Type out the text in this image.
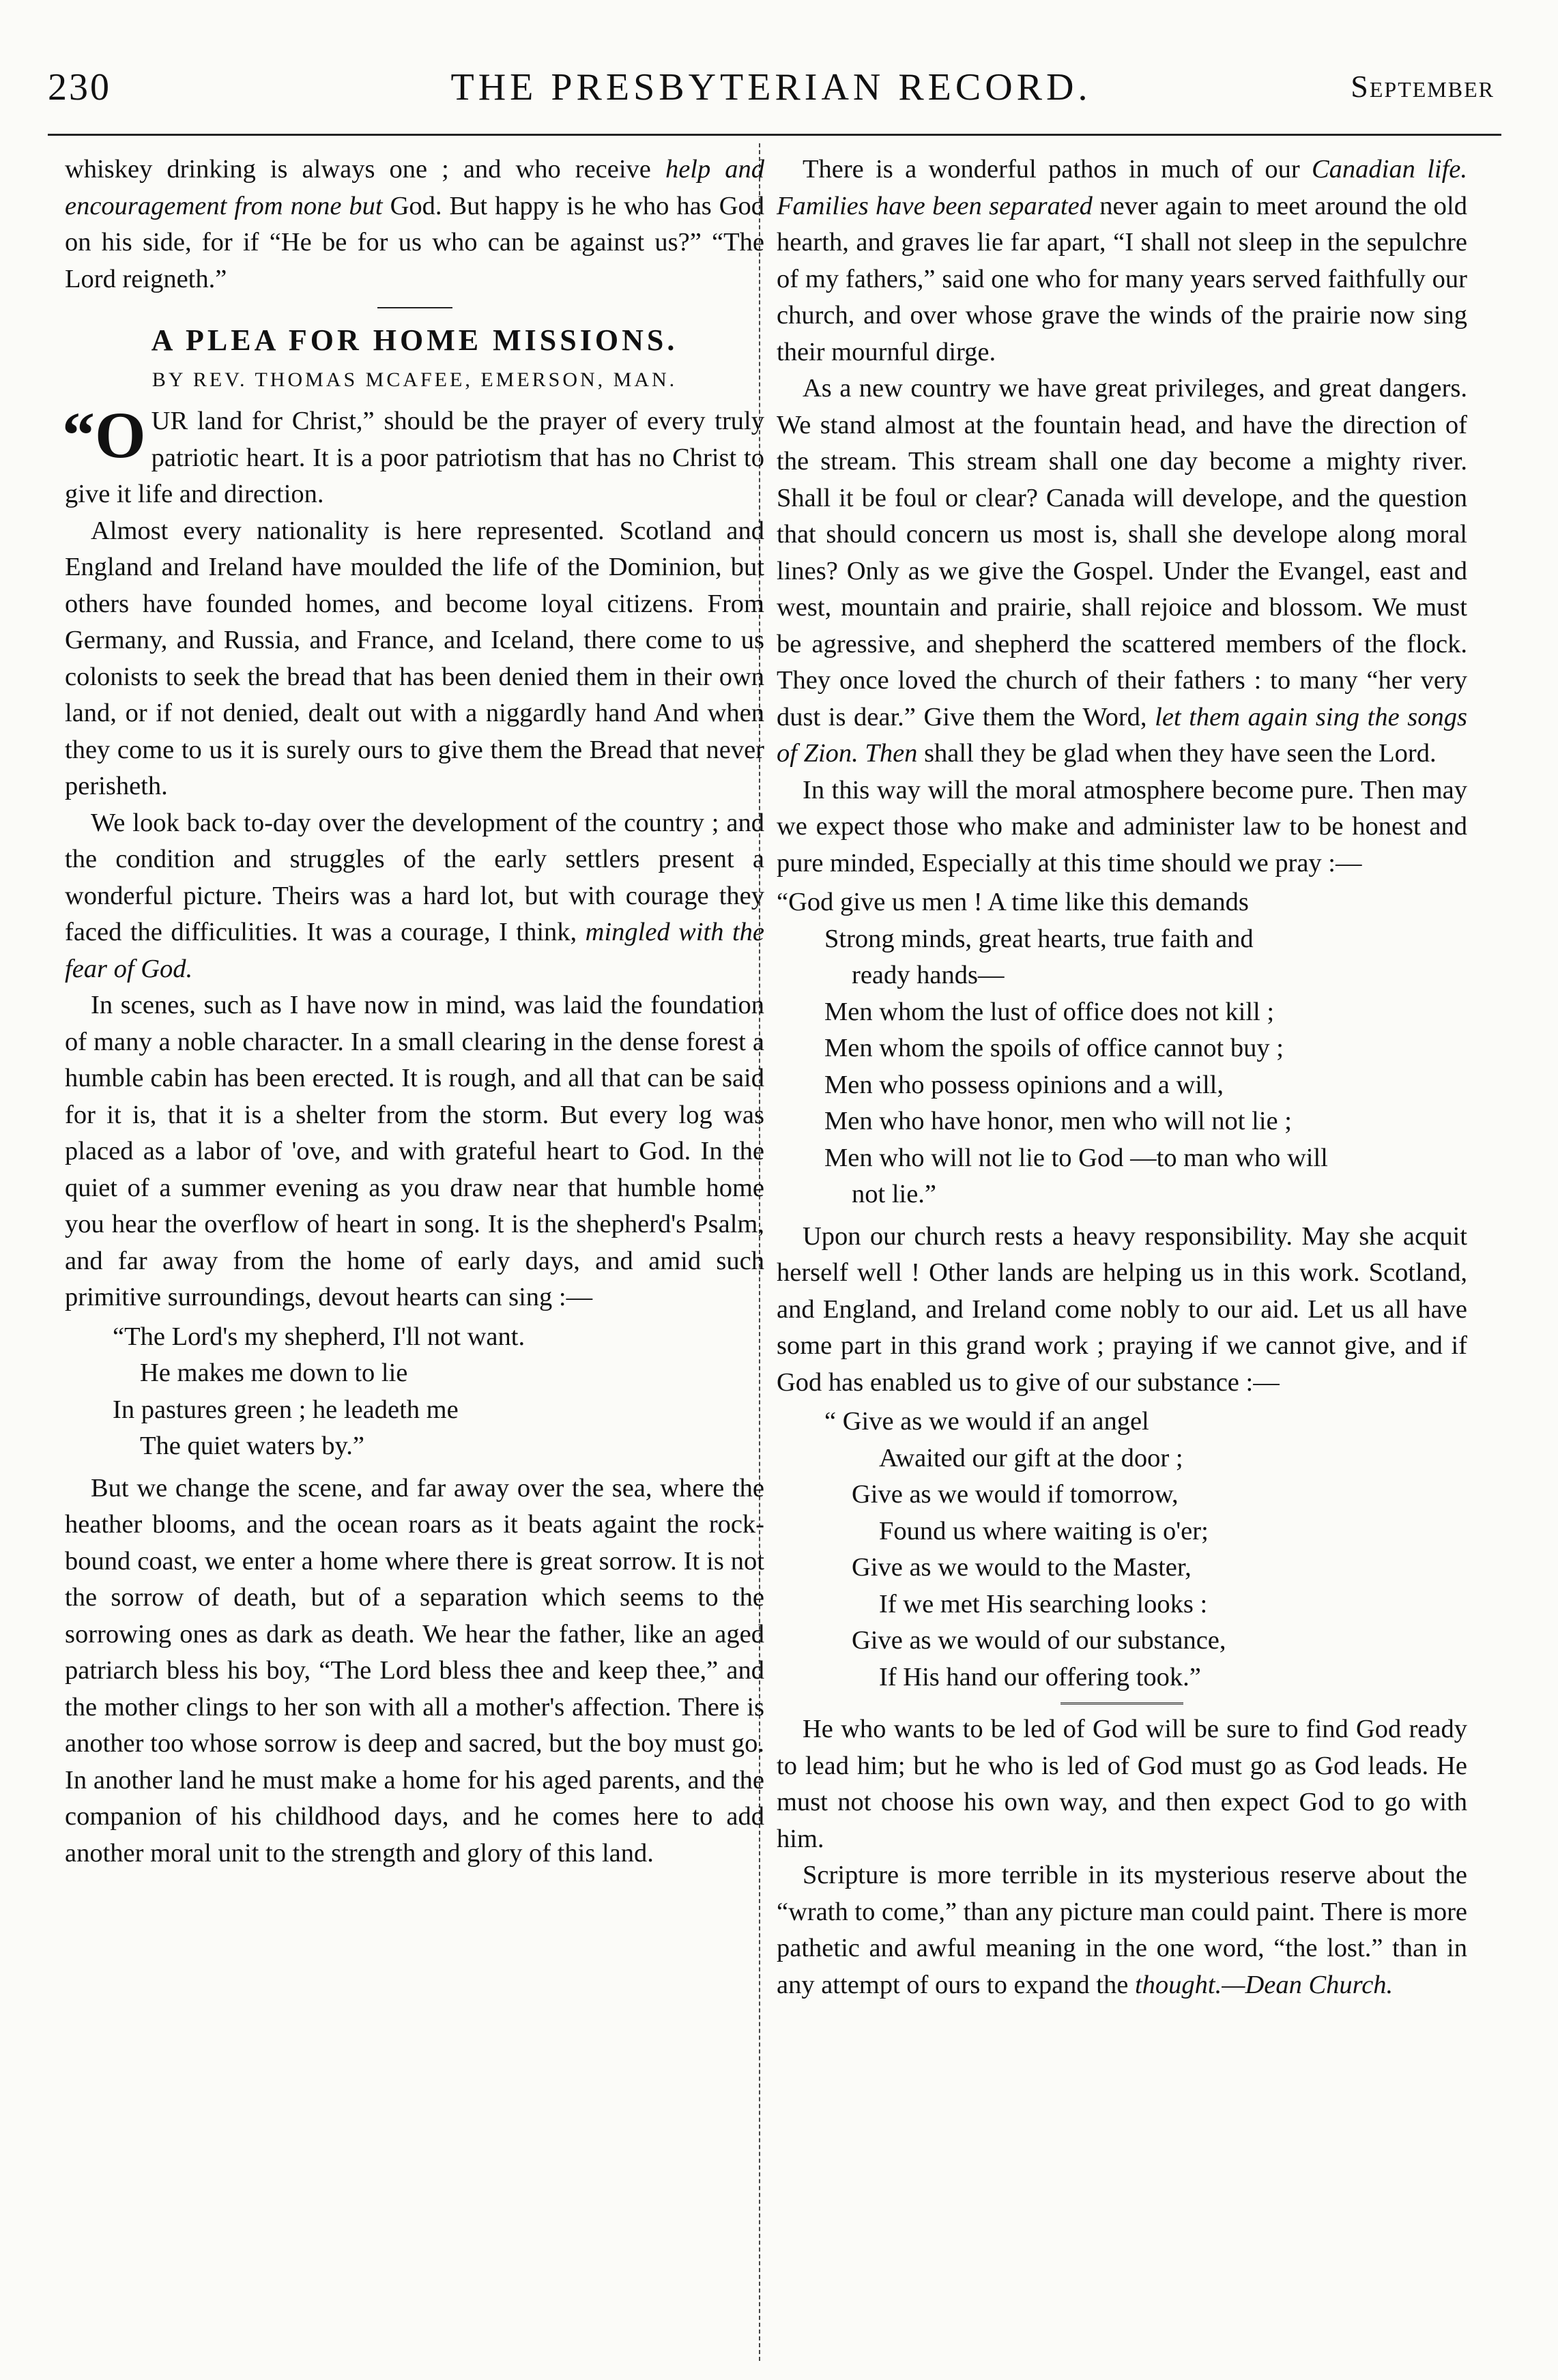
230	THE PRESBYTERIAN RECORD.	September

whiskey drinking is always one ; and who receive help and encouragement from none but God. But happy is he who has God on his side, for if “He be for us who can be against us?” “The Lord reigneth.”

A PLEA FOR HOME MISSIONS.
BY REV. THOMAS MCAFEE, EMERSON, MAN.

“OUR land for Christ,” should be the prayer of every truly patriotic heart. It is a poor patriotism that has no Christ to give it life and direction.

Almost every nationality is here represented. Scotland and England and Ireland have moulded the life of the Dominion, but others have founded homes, and become loyal citizens. From Germany, and Russia, and France, and Iceland, there come to us colonists to seek the bread that has been denied them in their own land, or if not denied, dealt out with a niggardly hand And when they come to us it is surely ours to give them the Bread that never perisheth.

We look back to-day over the development of the country ; and the condition and struggles of the early settlers present a wonderful picture. Theirs was a hard lot, but with courage they faced the difficulities. It was a courage, I think, mingled with the fear of God.

In scenes, such as I have now in mind, was laid the foundation of many a noble character. In a small clearing in the dense forest a humble cabin has been erected. It is rough, and all that can be said for it is, that it is a shelter from the storm. But every log was placed as a labor of 'ove, and with grateful heart to God. In the quiet of a summer evening as you draw near that humble home you hear the overflow of heart in song. It is the shepherd's Psalm, and far away from the home of early days, and amid such primitive surroundings, devout hearts can sing :—

“The Lord's my shepherd, I'll not want.
He makes me down to lie
In pastures green ; he leadeth me
The quiet waters by.”

But we change the scene, and far away over the sea, where the heather blooms, and the ocean roars as it beats againt the rock-bound coast, we enter a home where there is great sorrow. It is not the sorrow of death, but of a separation which seems to the sorrowing ones as dark as death. We hear the father, like an aged patriarch bless his boy, “The Lord bless thee and keep thee,” and the mother clings to her son with all a mother's affection. There is another too whose sorrow is deep and sacred, but the boy must go. In another land he must make a home for his aged parents, and the companion of his childhood days, and he comes here to add another moral unit to the strength and glory of this land.

There is a wonderful pathos in much of our Canadian life. Families have been separated never again to meet around the old hearth, and graves lie far apart, “I shall not sleep in the sepulchre of my fathers,” said one who for many years served faithfully our church, and over whose grave the winds of the prairie now sing their mournful dirge.

As a new country we have great privileges, and great dangers. We stand almost at the fountain head, and have the direction of the stream. This stream shall one day become a mighty river. Shall it be foul or clear? Canada will develope, and the question that should concern us most is, shall she develope along moral lines? Only as we give the Gospel. Under the Evangel, east and west, mountain and prairie, shall rejoice and blossom. We must be agressive, and shepherd the scattered members of the flock. They once loved the church of their fathers : to many “her very dust is dear.” Give them the Word, let them again sing the songs of Zion. Then shall they be glad when they have seen the Lord.

In this way will the moral atmosphere become pure. Then may we expect those who make and administer law to be honest and pure minded, Especially at this time should we pray :—

“God give us men ! A time like this demands
Strong minds, great hearts, true faith and
ready hands—
Men whom the lust of office does not kill ;
Men whom the spoils of office cannot buy ;
Men who possess opinions and a will,
Men who have honor, men who will not lie ;
Men who will not lie to God —to man who will
not lie.”

Upon our church rests a heavy responsibility. May she acquit herself well ! Other lands are helping us in this work. Scotland, and England, and Ireland come nobly to our aid. Let us all have some part in this grand work ; praying if we cannot give, and if God has enabled us to give of our substance :—

“ Give as we would if an angel
Awaited our gift at the door ;
Give as we would if tomorrow,
Found us where waiting is o'er;
Give as we would to the Master,
If we met His searching looks :
Give as we would of our substance,
If His hand our offering took.”

He who wants to be led of God will be sure to find God ready to lead him; but he who is led of God must go as God leads. He must not choose his own way, and then expect God to go with him.

Scripture is more terrible in its mysterious reserve about the “wrath to come,” than any picture man could paint. There is more pathetic and awful meaning in the one word, “the lost.” than in any attempt of ours to expand the thought.—Dean Church.
